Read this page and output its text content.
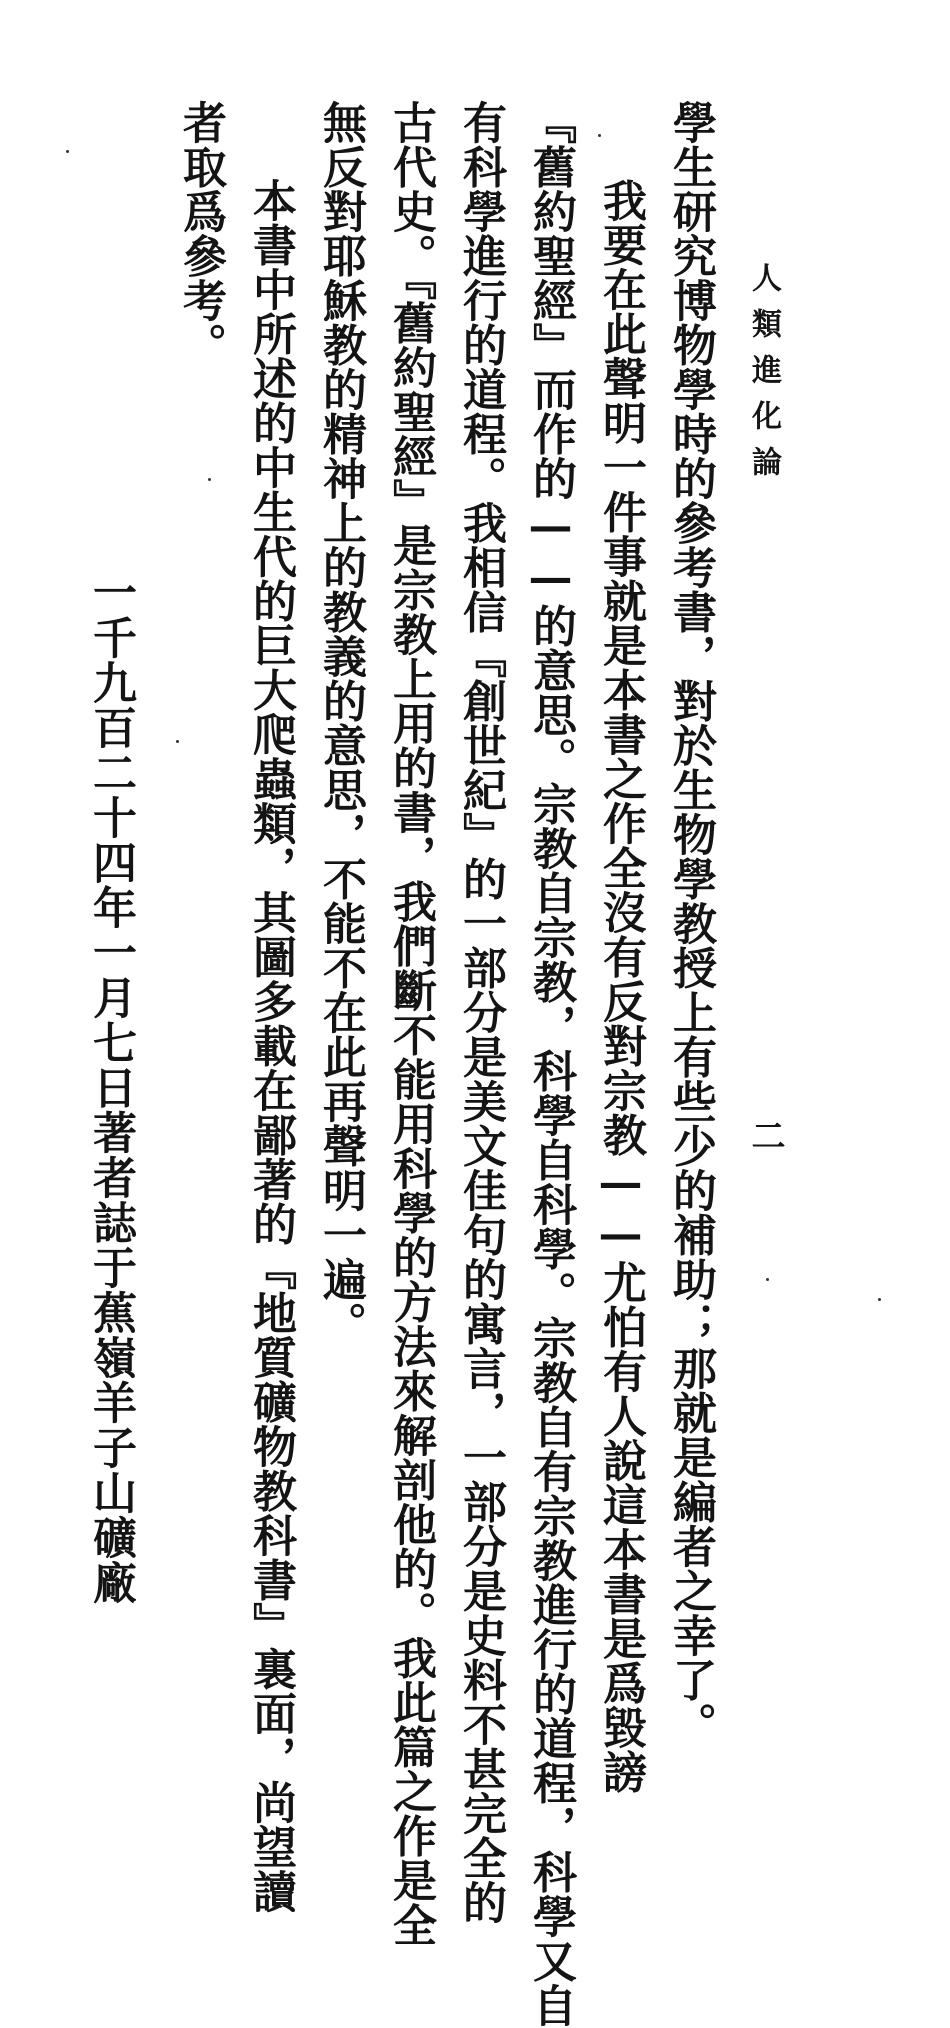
人類進化論
二
學生研究博物學時的參考書，對於生物學教授上有些少的補助；那就是編者之幸了。
我要在此聲明一件事就是本書之作全沒有反對宗教——尤怕有人說這本書是爲毀謗
『舊約聖經』而作的——的意思。宗教自宗教，科學自科學。宗教自有宗教進行的道程，科學又自
有科學進行的道程。我相信『創世紀』的一部分是美文佳句的寓言，一部分是史料不甚完全的
古代史。『舊約聖經』是宗教上用的書，我們斷不能用科學的方法來解剖他的。我此篇之作是全
無反對耶穌教的精神上的教義的意思，不能不在此再聲明一遍。
本書中所述的中生代的巨大爬蟲類，其圖多載在鄙著的『地質礦物教科書』裏面，尚望讀
者取爲參考。
一千九百二十四年一月七日著者誌于蕉嶺羊子山礦廠
